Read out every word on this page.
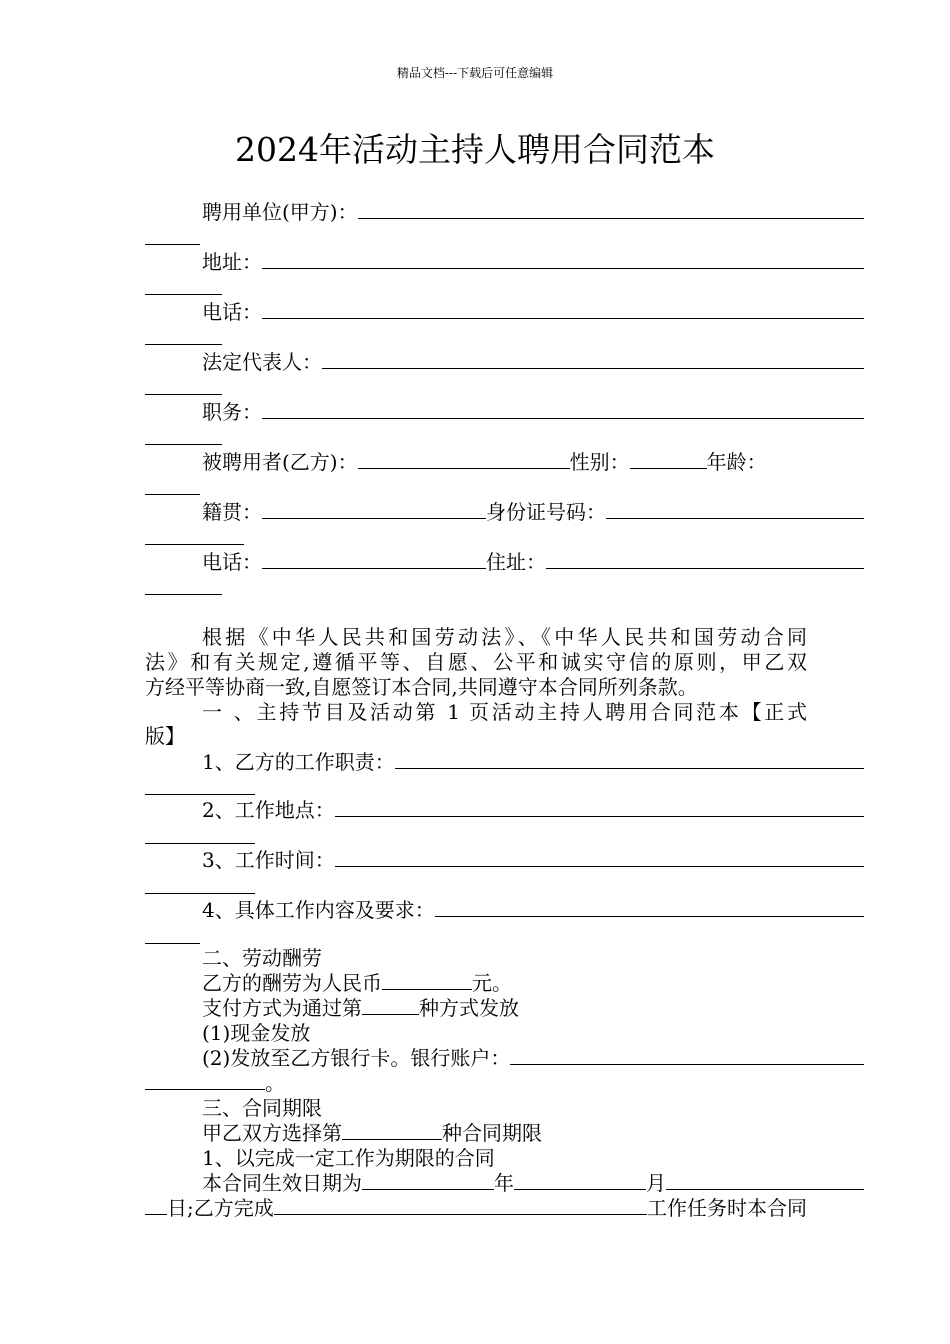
精品文档---下载后可任意编辑
2024年活动主持人聘用合同范本
聘用单位(甲方)：
地址：
电话：
法定代表人：
职务：
被聘用者(乙方)：	性别：	年龄：
籍贯：	身份证号码：
电话：	住址：
根据《中华人民共和国劳动法》、《中华人民共和国劳动合同
法》和有关规定,遵循平等、自愿、公平和诚实守信的原则，甲乙双
方经平等协商一致,自愿签订本合同,共同遵守本合同所列条款。
一 、主持节目及活动第 1 页活动主持人聘用合同范本【正式
版】
1、乙方的工作职责：
2、工作地点：
3、工作时间：
4、具体工作内容及要求：
二、劳动酬劳
乙方的酬劳为人民币	元。
支付方式为通过第	种方式发放
(1)现金发放
(2)发放至乙方银行卡。银行账户：
。
三、合同期限
甲乙双方选择第	种合同期限
1、以完成一定工作为期限的合同
本合同生效日期为	年	月
日;乙方完成	工作任务时本合同
